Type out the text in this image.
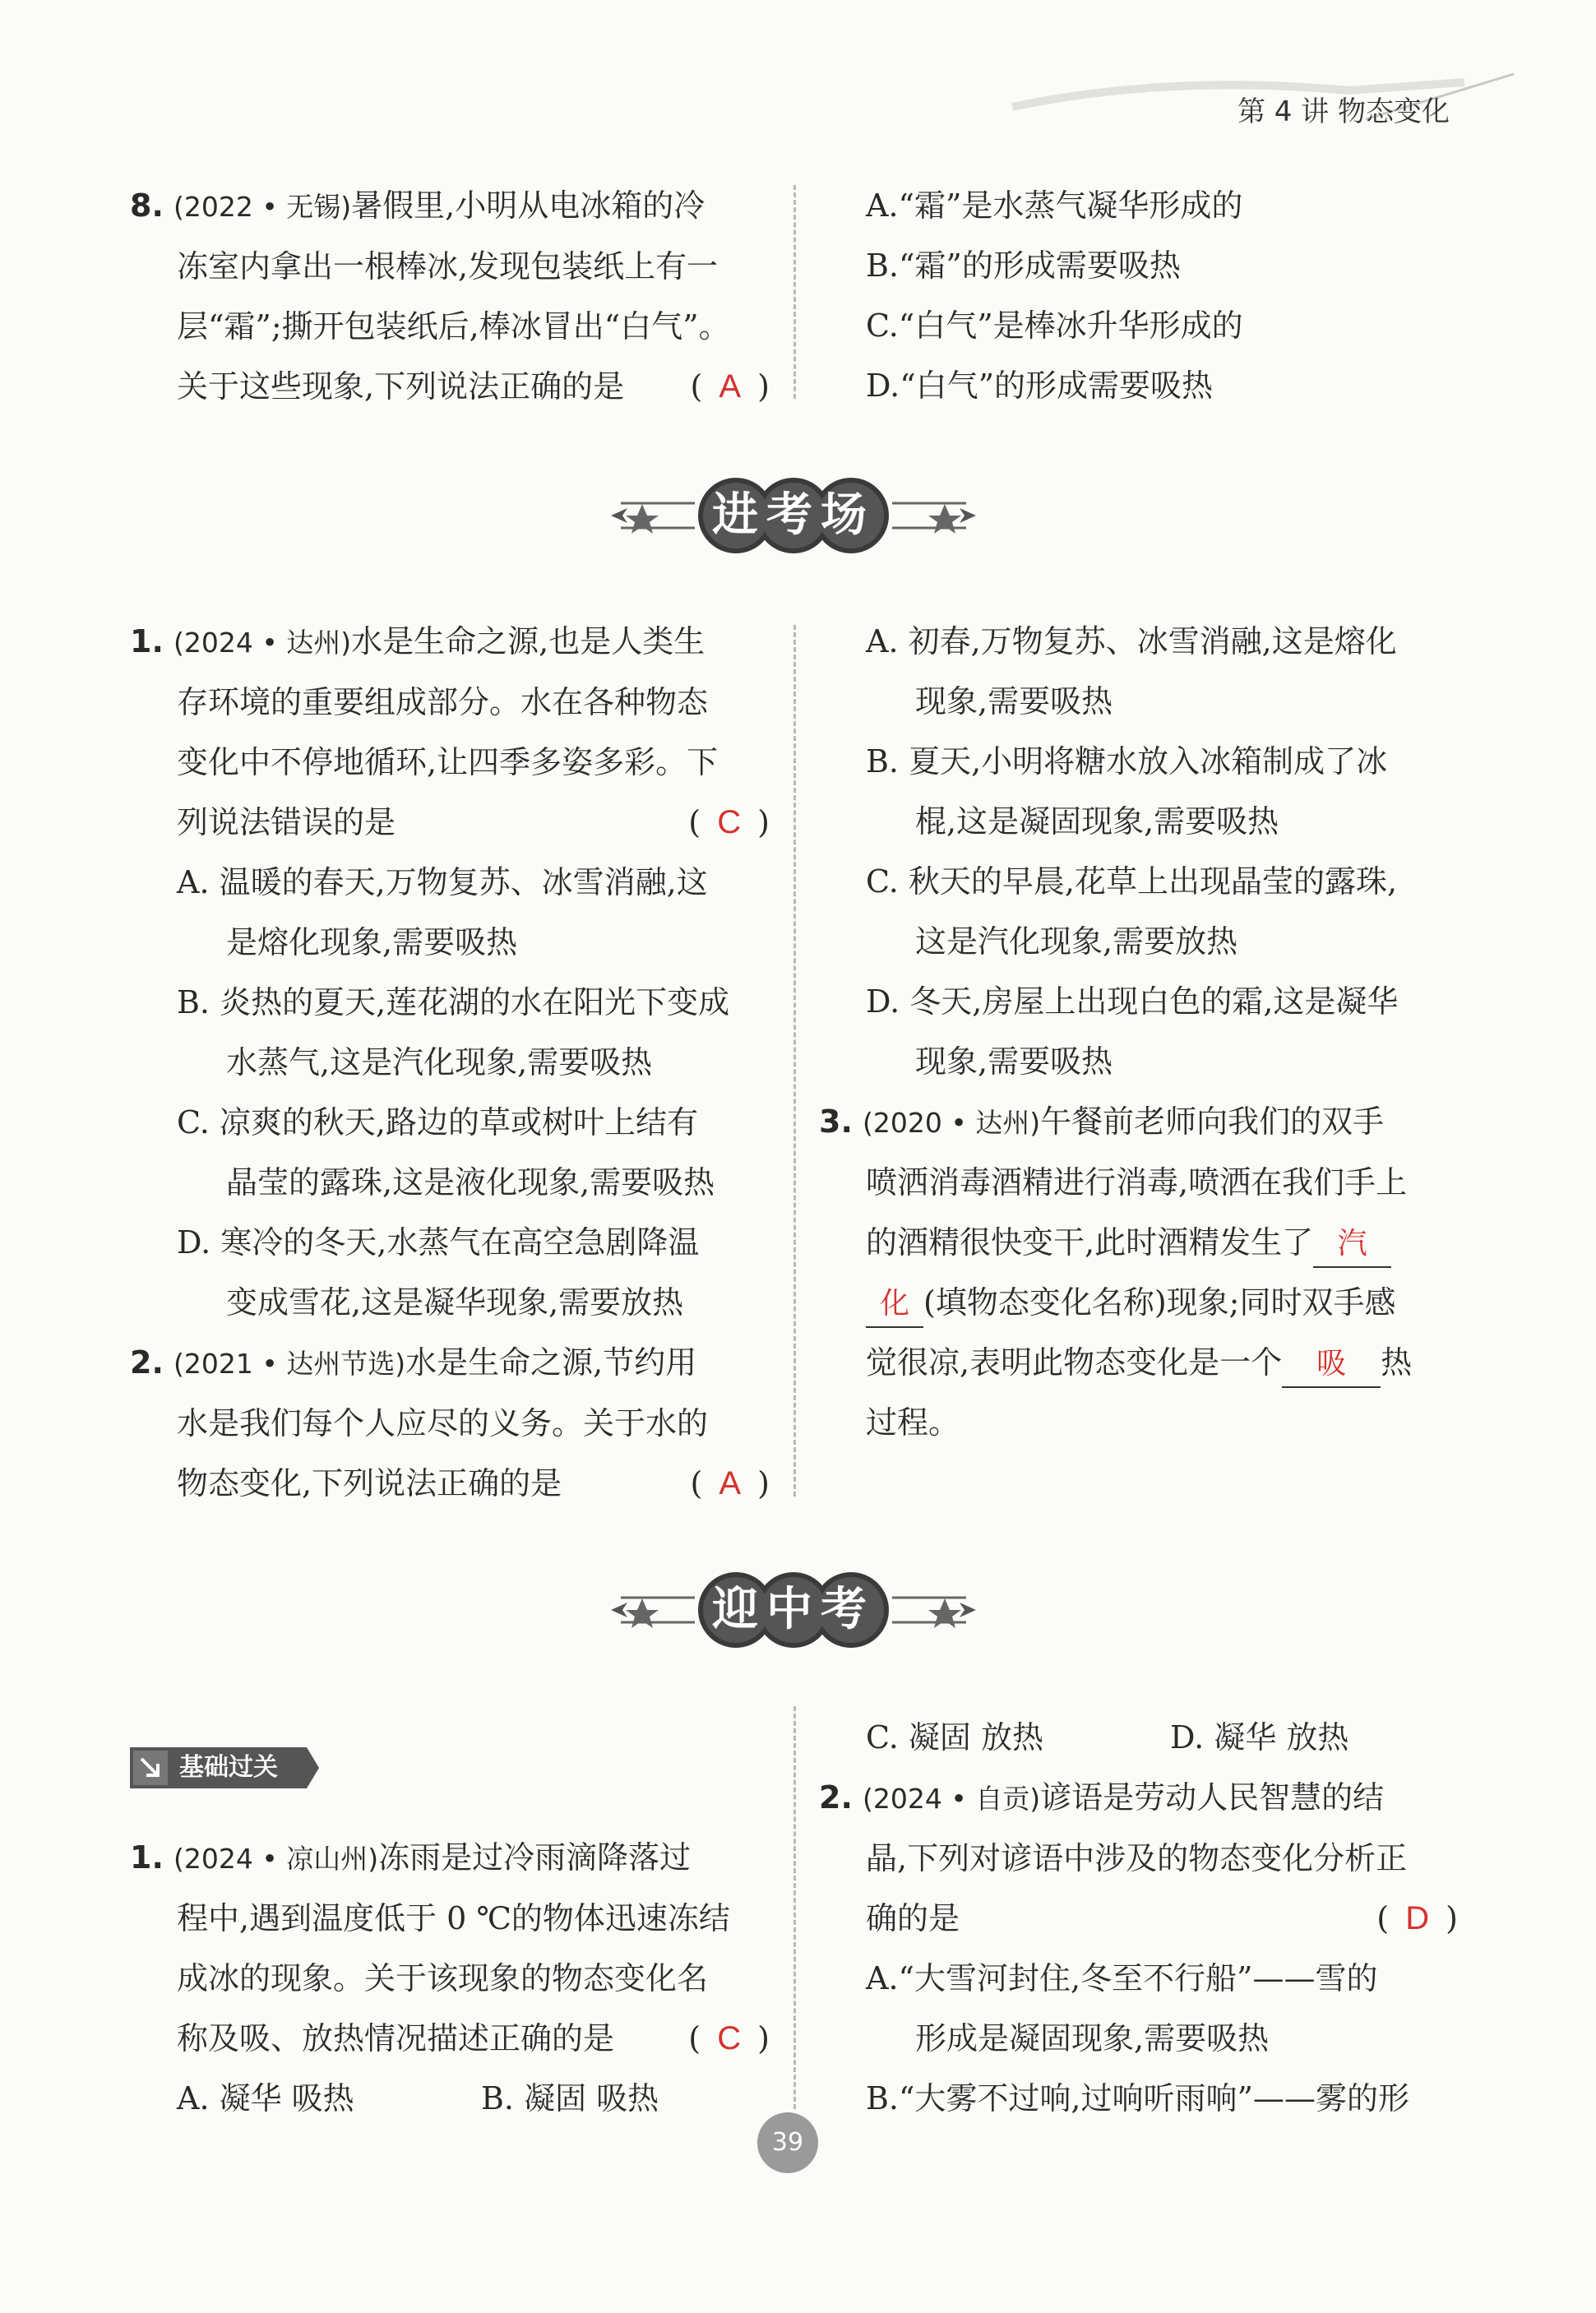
第 4 讲 物态变化

8. (2022 • 无锡)暑假里,小明从电冰箱的冷

冻室内拿出一根棒冰,发现包装纸上有一

层“霜”;撕开包装纸后,棒冰冒出“白气”。

关于这些现象,下列说法正确的是 ( A )

A.“霜”是水蒸气凝华形成的

B.“霜”的形成需要吸热

C.“白气”是棒冰升华形成的

D.“白气”的形成需要吸热

进考场

1. (2024 • 达州)水是生命之源,也是人类生

存环境的重要组成部分。水在各种物态

变化中不停地循环,让四季多姿多彩。下

列说法错误的是	( C )

A. 温暖的春天,万物复苏、冰雪消融,这
是熔化现象,需要吸热

B. 炎热的夏天,莲花湖的水在阳光下变成
水蒸气,这是汽化现象,需要吸热

C. 凉爽的秋天,路边的草或树叶上结有
晶莹的露珠,这是液化现象,需要吸热

D. 寒冷的冬天,水蒸气在高空急剧降温
变成雪花,这是凝华现象,需要放热

2. (2021 • 达州节选)水是生命之源,节约用

水是我们每个人应尽的义务。关于水的

物态变化,下列说法正确的是	( A )

A. 初春,万物复苏、冰雪消融,这是熔化
现象,需要吸热

B. 夏天,小明将糖水放入冰箱制成了冰
棍,这是凝固现象,需要吸热

C. 秋天的早晨,花草上出现晶莹的露珠,
这是汽化现象,需要放热

D. 冬天,房屋上出现白色的霜,这是凝华
现象,需要吸热

3. (2020 • 达州)午餐前老师向我们的双手

喷洒消毒酒精进行消毒,喷洒在我们手上

的酒精很快变干,此时酒精发生了 汽

化 (填物态变化名称)现象;同时双手感

觉很凉,表明此物态变化是一个 吸 热

过程。

迎中考
基础过关

1. (2024 • 凉山州)冻雨是过冷雨滴降落过

程中,遇到温度低于 0 ℃的物体迅速冻结

成冰的现象。关于该现象的物态变化名

称及吸、放热情况描述正确的是 ( C )

A. 凝华 吸热	B. 凝固 吸热

C. 凝固 放热	D. 凝华 放热

2. (2024 • 自贡)谚语是劳动人民智慧的结

晶,下列对谚语中涉及的物态变化分析正

确的是	( D )

A.“大雪河封住,冬至不行船”——雪的
形成是凝固现象,需要吸热

B.“大雾不过响,过响听雨响”——雾的形

39
